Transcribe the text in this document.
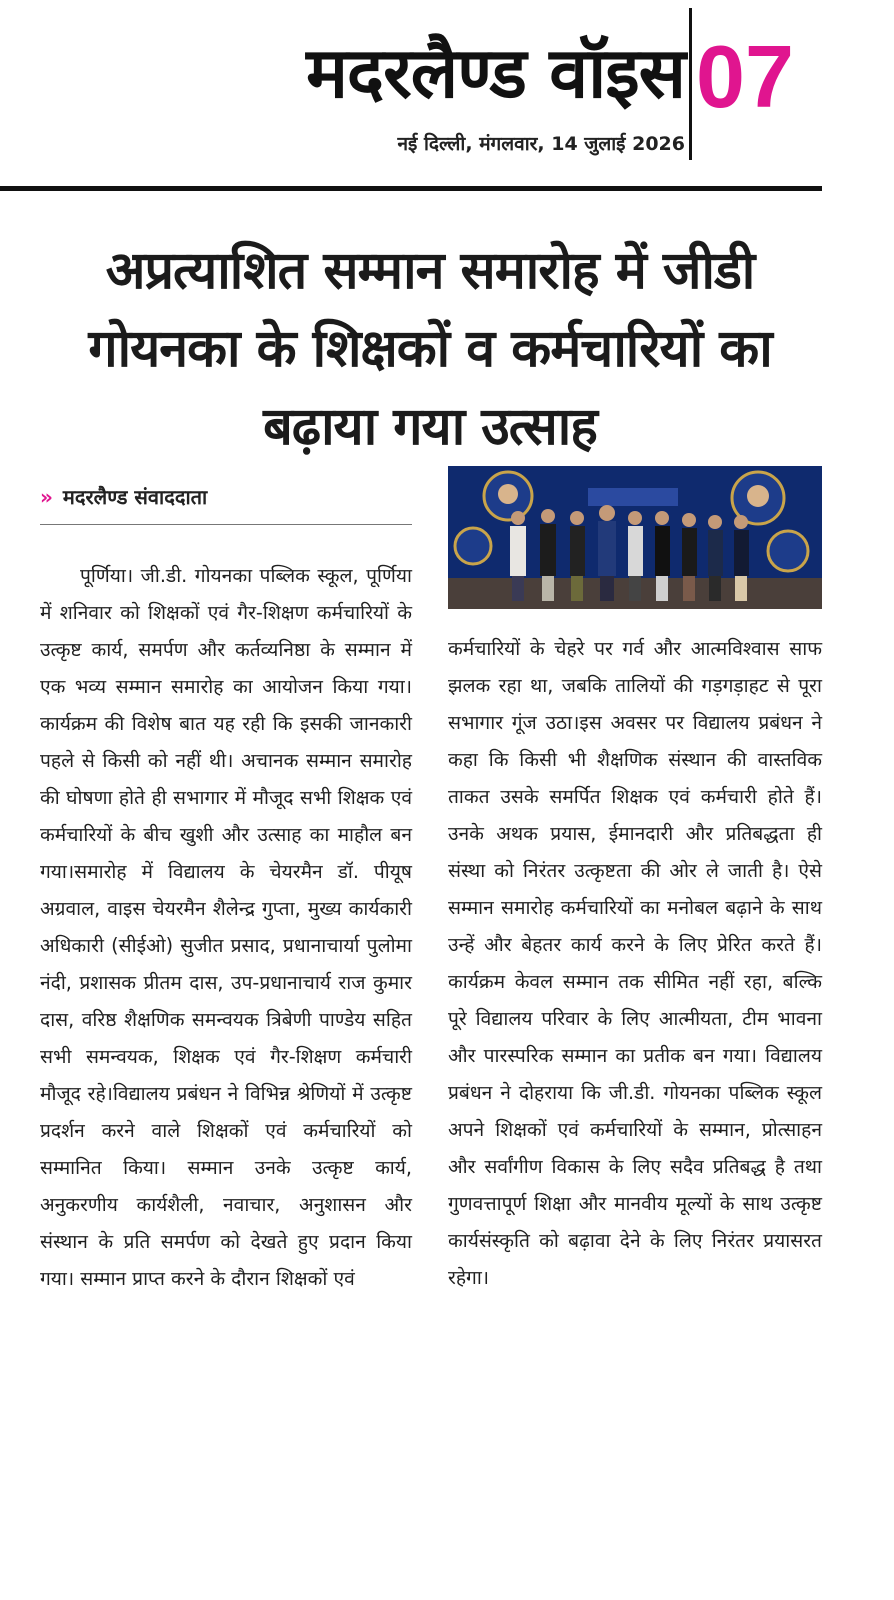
मदरलैण्ड वॉइस
नई दिल्ली, मंगलवार, 14 जुलाई 2026
07
अप्रत्याशित सम्मान समारोह में जीडी गोयनका के शिक्षकों व कर्मचारियों का बढ़ाया गया उत्साह
» मदरलैण्ड संवाददाता
पूर्णिया। जी.डी. गोयनका पब्लिक स्कूल, पूर्णिया में शनिवार को शिक्षकों एवं गैर-शिक्षण कर्मचारियों के उत्कृष्ट कार्य, समर्पण और कर्तव्यनिष्ठा के सम्मान में एक भव्य सम्मान समारोह का आयोजन किया गया। कार्यक्रम की विशेष बात यह रही कि इसकी जानकारी पहले से किसी को नहीं थी। अचानक सम्मान समारोह की घोषणा होते ही सभागार में मौजूद सभी शिक्षक एवं कर्मचारियों के बीच खुशी और उत्साह का माहौल बन गया।समारोह में विद्यालय के चेयरमैन डॉ. पीयूष अग्रवाल, वाइस चेयरमैन शैलेन्द्र गुप्ता, मुख्य कार्यकारी अधिकारी (सीईओ) सुजीत प्रसाद, प्रधानाचार्या पुलोमा नंदी, प्रशासक प्रीतम दास, उप-प्रधानाचार्य राज कुमार दास, वरिष्ठ शैक्षणिक समन्वयक त्रिबेणी पाण्डेय सहित सभी समन्वयक, शिक्षक एवं गैर-शिक्षण कर्मचारी मौजूद रहे।विद्यालय प्रबंधन ने विभिन्न श्रेणियों में उत्कृष्ट प्रदर्शन करने वाले शिक्षकों एवं कर्मचारियों को सम्मानित किया। सम्मान उनके उत्कृष्ट कार्य, अनुकरणीय कार्यशैली, नवाचार, अनुशासन और संस्थान के प्रति समर्पण को देखते हुए प्रदान किया गया। सम्मान प्राप्त करने के दौरान शिक्षकों एवं
कर्मचारियों के चेहरे पर गर्व और आत्मविश्वास साफ झलक रहा था, जबकि तालियों की गड़गड़ाहट से पूरा सभागार गूंज उठा।इस अवसर पर विद्यालय प्रबंधन ने कहा कि किसी भी शैक्षणिक संस्थान की वास्तविक ताकत उसके समर्पित शिक्षक एवं कर्मचारी होते हैं। उनके अथक प्रयास, ईमानदारी और प्रतिबद्धता ही संस्था को निरंतर उत्कृष्टता की ओर ले जाती है। ऐसे सम्मान समारोह कर्मचारियों का मनोबल बढ़ाने के साथ उन्हें और बेहतर कार्य करने के लिए प्रेरित करते हैं।कार्यक्रम केवल सम्मान तक सीमित नहीं रहा, बल्कि पूरे विद्यालय परिवार के लिए आत्मीयता, टीम भावना और पारस्परिक सम्मान का प्रतीक बन गया। विद्यालय प्रबंधन ने दोहराया कि जी.डी. गोयनका पब्लिक स्कूल अपने शिक्षकों एवं कर्मचारियों के सम्मान, प्रोत्साहन और सर्वांगीण विकास के लिए सदैव प्रतिबद्ध है तथा गुणवत्तापूर्ण शिक्षा और मानवीय मूल्यों के साथ उत्कृष्ट कार्यसंस्कृति को बढ़ावा देने के लिए निरंतर प्रयासरत रहेगा।
